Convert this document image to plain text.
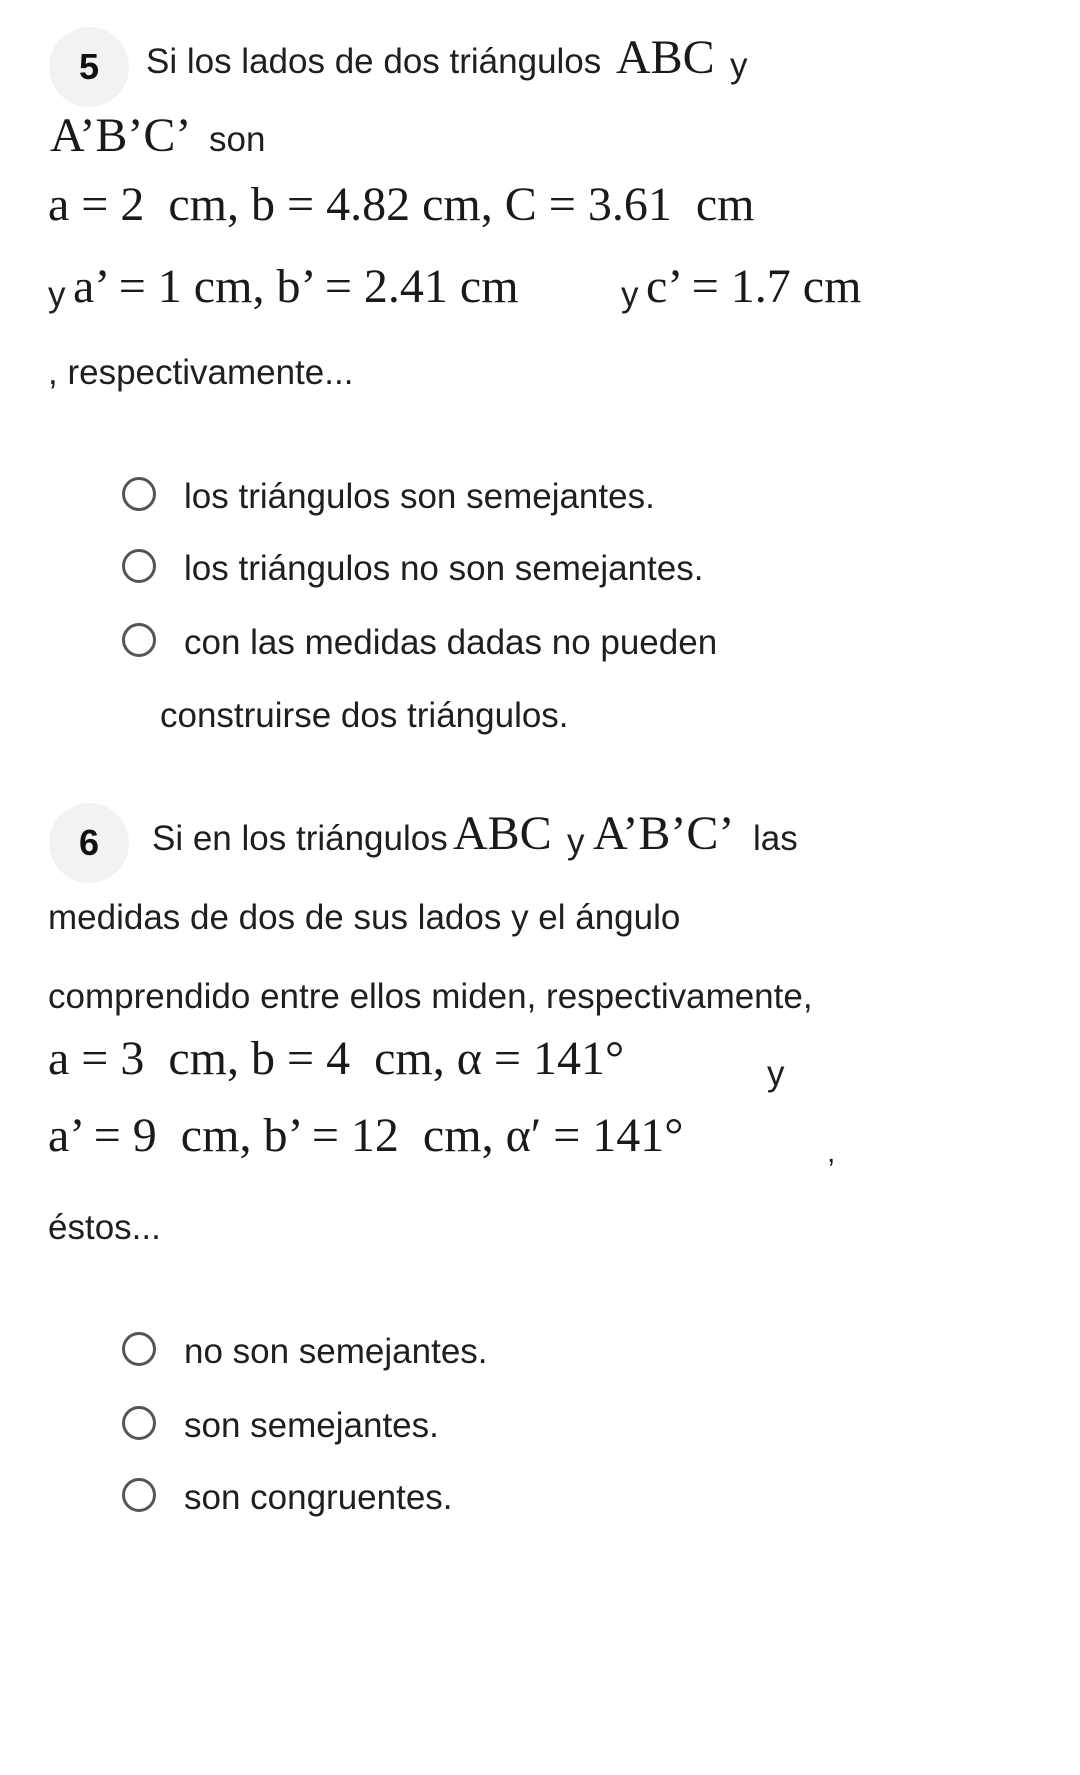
5 Si los lados de dos triángulos ABC y
A’B’C’ son
a = 2  cm, b = 4.82 cm, C = 3.61  cm
y a’ = 1 cm, b’ = 2.41 cm	y c’ = 1.7 cm
, respectivamente...
los triángulos son semejantes.
los triángulos no son semejantes.
con las medidas dadas no pueden
construirse dos triángulos.
6 Si en los triángulos ABC y A’B’C’ las
medidas de dos de sus lados y el ángulo
comprendido entre ellos miden, respectivamente,
a = 3  cm, b = 4  cm, α = 141°	y
a’ = 9  cm, b’ = 12  cm, α′ = 141°	,
éstos...
no son semejantes.
son semejantes.
son congruentes.
